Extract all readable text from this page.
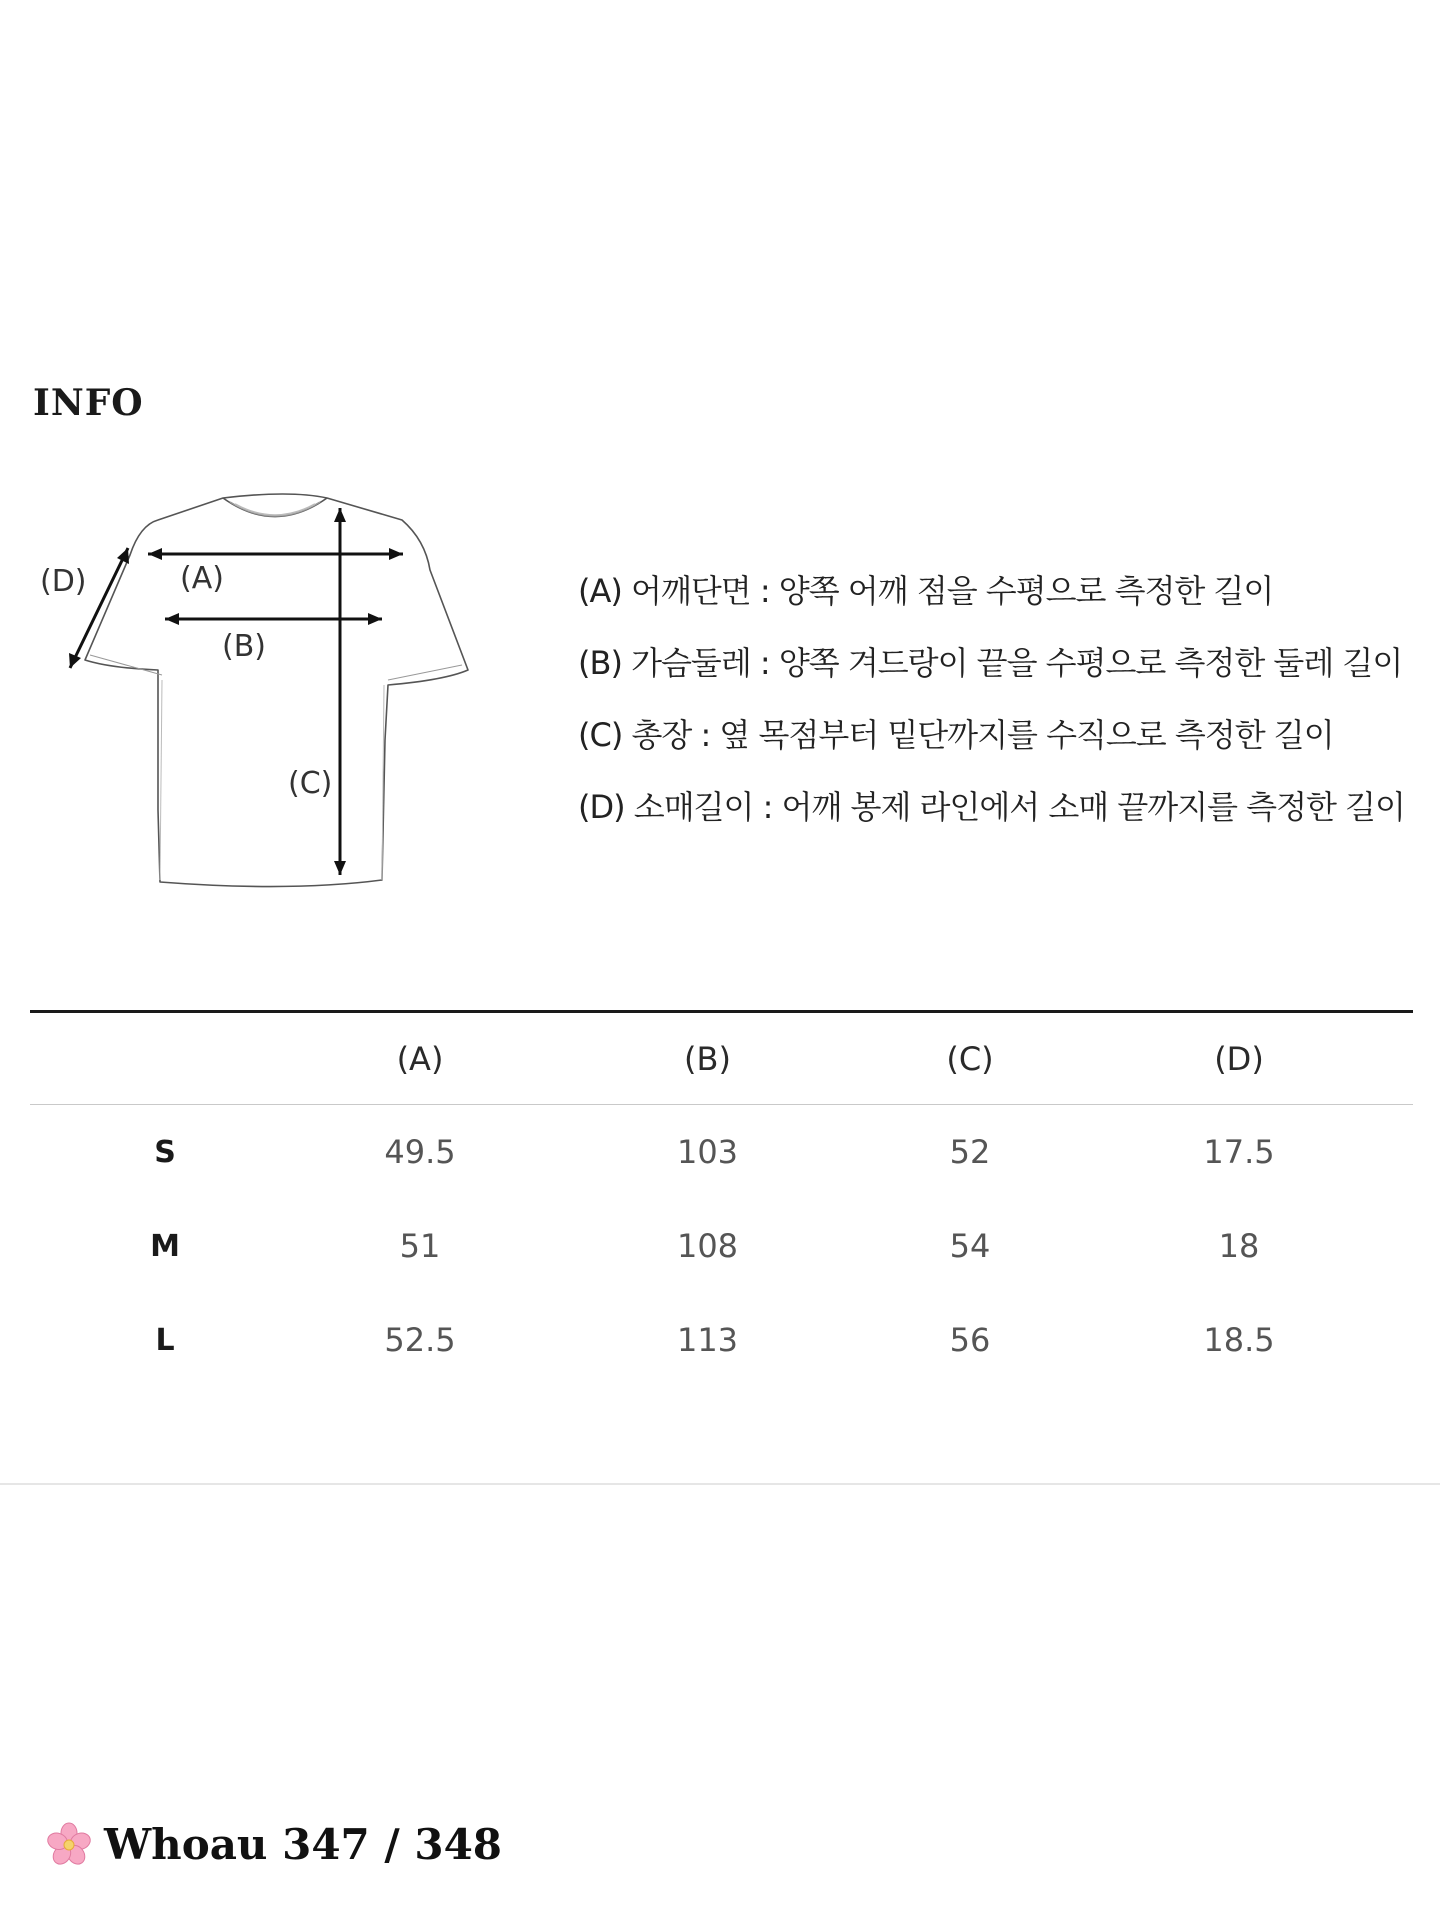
INFO
(A)
(B)
(C)
(D)	(A) 어깨단면 : 양쪽 어깨 점을 수평으로 측정한 길이
(B) 가슴둘레 : 양쪽 겨드랑이 끝을 수평으로 측정한 둘레 길이
(C) 총장 : 옆 목점부터 밑단까지를 수직으로 측정한 길이
(D) 소매길이 : 어깨 봉제 라인에서 소매 끝까지를 측정한 길이
(A)	(B)	(C)	(D)
S	49.5	103	52	17.5
M	51	108	54	18
L	52.5	113	56	18.5
Whoau 347 / 348
